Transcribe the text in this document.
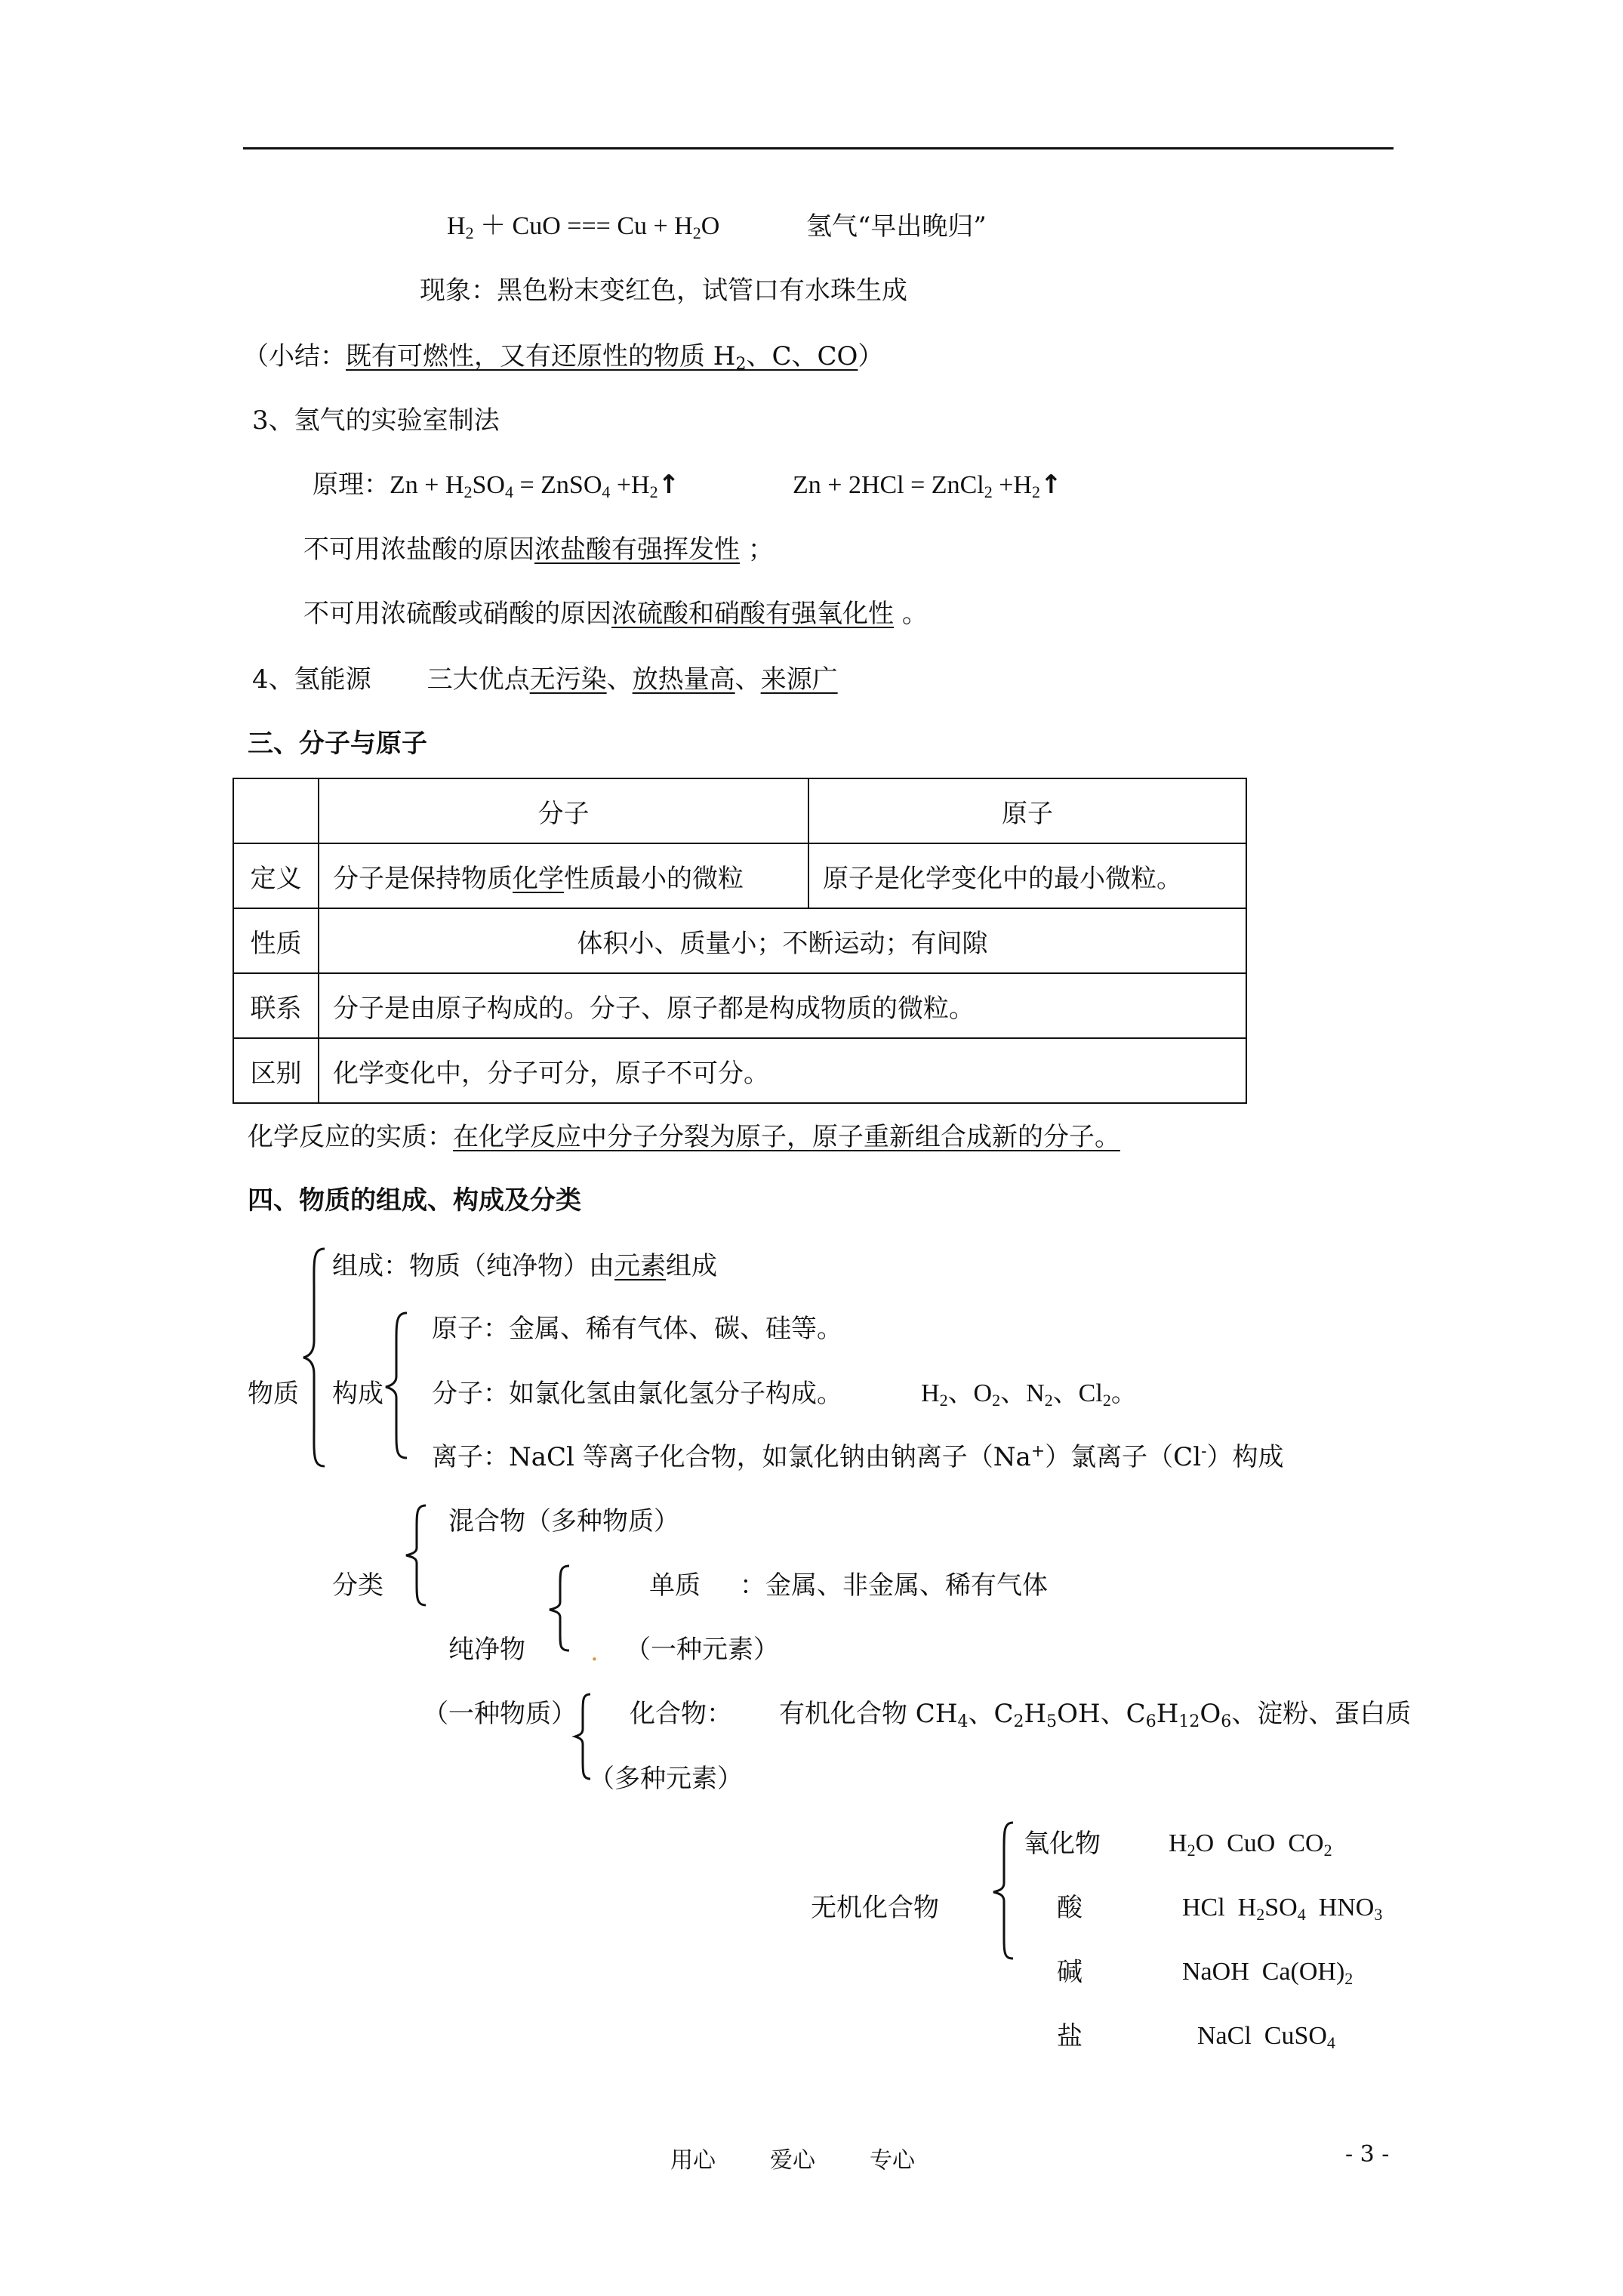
$H_2$ ＋ CuO === $Cu + H_2O$	氢气“早出晚归”
现象：黑色粉末变红色，试管口有水珠生成
（小结：既有可燃性，又有还原性的物质 $H_2$、C、CO）
3、氢气的实验室制法
原理：$Zn + H_2SO_4$ = ZnSO$_4$ $+H_2↑$	Zn + 2HCl = ZnCl$_2$ $+H_2↑$
不可用浓盐酸的原因浓盐酸有强挥发性 ；
不可用浓硫酸或硝酸的原因浓硫酸和硝酸有强氧化性 。
4、氢能源 三大优点无污染、放热量高、来源广
三、分子与原子
	分子	原子
定义	分子是保持物质化学性质最小的微粒	原子是化学变化中的最小微粒。
性质	体积小、质量小；不断运动；有间隙	
联系	分子是由原子构成的。分子、原子都是构成物质的微粒。	
区别	化学变化中，分子可分，原子不可分。	
化学反应的实质：在化学反应中分子分裂为原子，原子重新组合成新的分子。
四、物质的组成、构成及分类
组成：物质（纯净物）由元素组成
物质 构成
原子：金属、稀有气体、碳、硅等。
分子：如氯化氢由氯化氢分子构成。	$H_2$、$O_2$、$N_2$、$Cl_2$。
离子：NaCl 等离子化合物，如氯化钠由钠离子（Na+）氯离子（Cl-）构成
混合物（多种物质）
分类	单质 ：金属、非金属、稀有气体
纯净物	. （一种元素）
（一种物质） 化合物： 有机化合物 $CH_4$、$C_2H_5OH$、$C_6H_{12}O_6$、淀粉、蛋白质
（多种元素）
无机化合物
氧化物	$H_2O$  CuO  $CO_2$
酸	HCl  $H_2SO_4$  $HNO_3$
碱	NaOH  $Ca(OH)_2$
盐	NaCl  CuSO$_4$
用心 爱心 专心	- 3 -
